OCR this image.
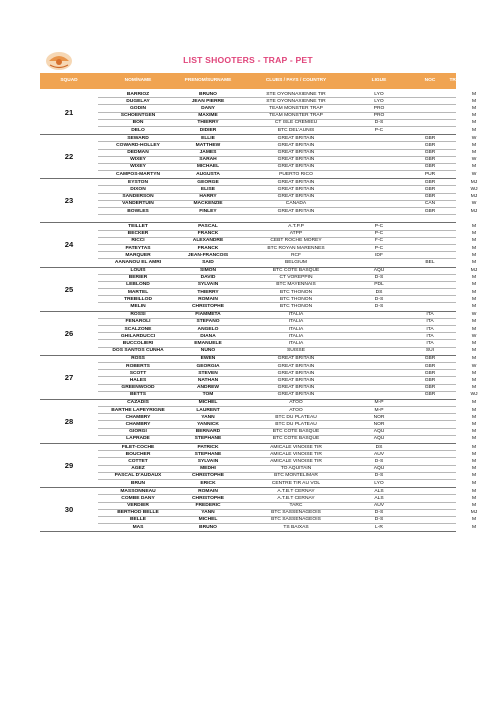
LIST SHOOTERS - TRAP - PET
SQUAD	NOM/NAME	PRENOM/SURNAME	CLUBS / PAYS / COUNTRY	LIGUE	NOC	TRAP
21
BARRIOZ	BRUNO	STE OYONNAXIENNE TIR	LYO	M
DUGELAY	JEAN PIERRE	STE OYONNAXIENNE TIR	LYO	M
GODIN	DANY	TEAM MONSTER TRAP	PRO	M
SCHOENTGEN	MAXIME	TEAM MONSTER TRAP	PRO	M
BON	THIERRY	CT ISLE CREMIEU	D-S	M
DELO	DIDIER	BTC DEL'AUNIS	P-C	M
22
SEWARD	ELLIE	GREAT BRITAIN	GBR	W
COWARD-HOLLEY	MATTHEW	GREAT BRITAIN	GBR	M
DEDMAN	JAMES	GREAT BRITAIN	GBR	M
WIXEY	SARAH	GREAT BRITAIN	GBR	W
WIXEY	MICHAEL	GREAT BRITAIN	GBR	M
CAMPOS-MARTYN	AUGUSTA	PUERTO RICO	PUR	W
23
EYSTON	GEORGE	GREAT BRITAIN	GBR	MJ
DIXON	ELISE	GREAT BRITAIN	GBR	WJ
SANDERSON	HARRY	GREAT BRITAIN	GBR	MJ
VANDERTUIN	MACKENZIE	CANADA	CAN	W
BOWLES	FINLEY	GREAT BRITAIN	GBR	MJ
24
TEILLET	PASCAL	A.T.P.P	P-C	M
BECKER	FRANCK	ATPP	P-C	M
RICCI	ALEXANDRE	CEBT ROCHE MOREY	F-C	M
PATEYTAS	FRANCK	BTC ROYAN MARENNES	P-C	M
MARQUER	JEAN-FRANCOIS	RCF	IDF	M
AANANOU EL AMRI	SAID	BELGIUM	BEL	M
25
LOUIS	SIMON	BTC COTE BASQUE	AQU	MJ
BERIER	DAVID	CT VOREPPIN	D-S	M
LEBLOND	SYLVAIN	BTC MAYENNAIS	PDL	M
MARTEL	THIERRY	BTC THONON	DS	M
TREBILLOD	ROMAIN	BTC THONON	D-S	M
MELIN	CHRISTOPHE	BTC THONON	D-S	M
26
ROSSI	FIAMMETA	ITALIA	ITA	W
FENAROLI	STEFANO	ITALIA	ITA	M
SCALZONE	ANGELO	ITALIA	ITA	M
GHILARDUCCI	DIANA	ITALIA	ITA	W
BUCCOLIERI	EMANUELE	ITALIA	ITA	M
DOS SANTOS CUNHA	NUNO	SUISSE	SUI	M
27
ROSS	EWEN	GREAT BRITAIN	GBR	M
ROBERTS	GEORGIA	GREAT BRITAIN	GBR	W
SCOTT	STEVEN	GREAT BRITAIN	GBR	M
HALES	NATHAN	GREAT BRITAIN	GBR	M
GREENWOOD	ANDREW	GREAT BRITAIN	GBR	M
BETTS	TOM	GREAT BRITAIN	GBR	WJ
28
CAZADIS	MICHEL	ATOO	M-P	M
BARTHE LAPEYRIGNE	LAURENT	ATOO	M-P	M
CHAMBRY	YANN	BTC DU PLATEAU	NOR	M
CHAMBRY	YANNICK	BTC DU PLATEAU	NOR	M
GIORGI	BERNARD	BTC COTE BASQUE	AQU	M
LAPRADE	STEPHANE	BTC COTE BASQUE	AQU	M
29
FILET-COCHE	PATRICK	AMICALE VINOISE TIR	DS	M
BOUCHER	STEPHANE	AMICALE VINOISE TIR	AUV	M
COTTET	SYLVAIN	AMICALE VINOISE TIR	D-S	M
AGEZ	MEDHI	TO AQUITAIN	AQU	M
PASCAL D'AUDAUX	CHRISTOPHE	BTC MONTELIMAR	D-S	M
BRUN	ERICK	CENTRE TIR AU VOL	LYO	M
30
MASSONNEAU	ROMAIN	A.T.B.T CERNAY	ALS	M
COMBE DANY	CHRISTOPHE	A.T.B.T CERNAY	ALS	M
VERDIER	FREDERIC	TARC	AUV	M
BERTHOD BELLE	YANN	BTC SASSENAGEOIS	D-S	MJ
BELLE	MICHEL	BTC SASSENAGEOIS	D-S	M
MAS	BRUNO	TS BAIXAS	L-R	M
